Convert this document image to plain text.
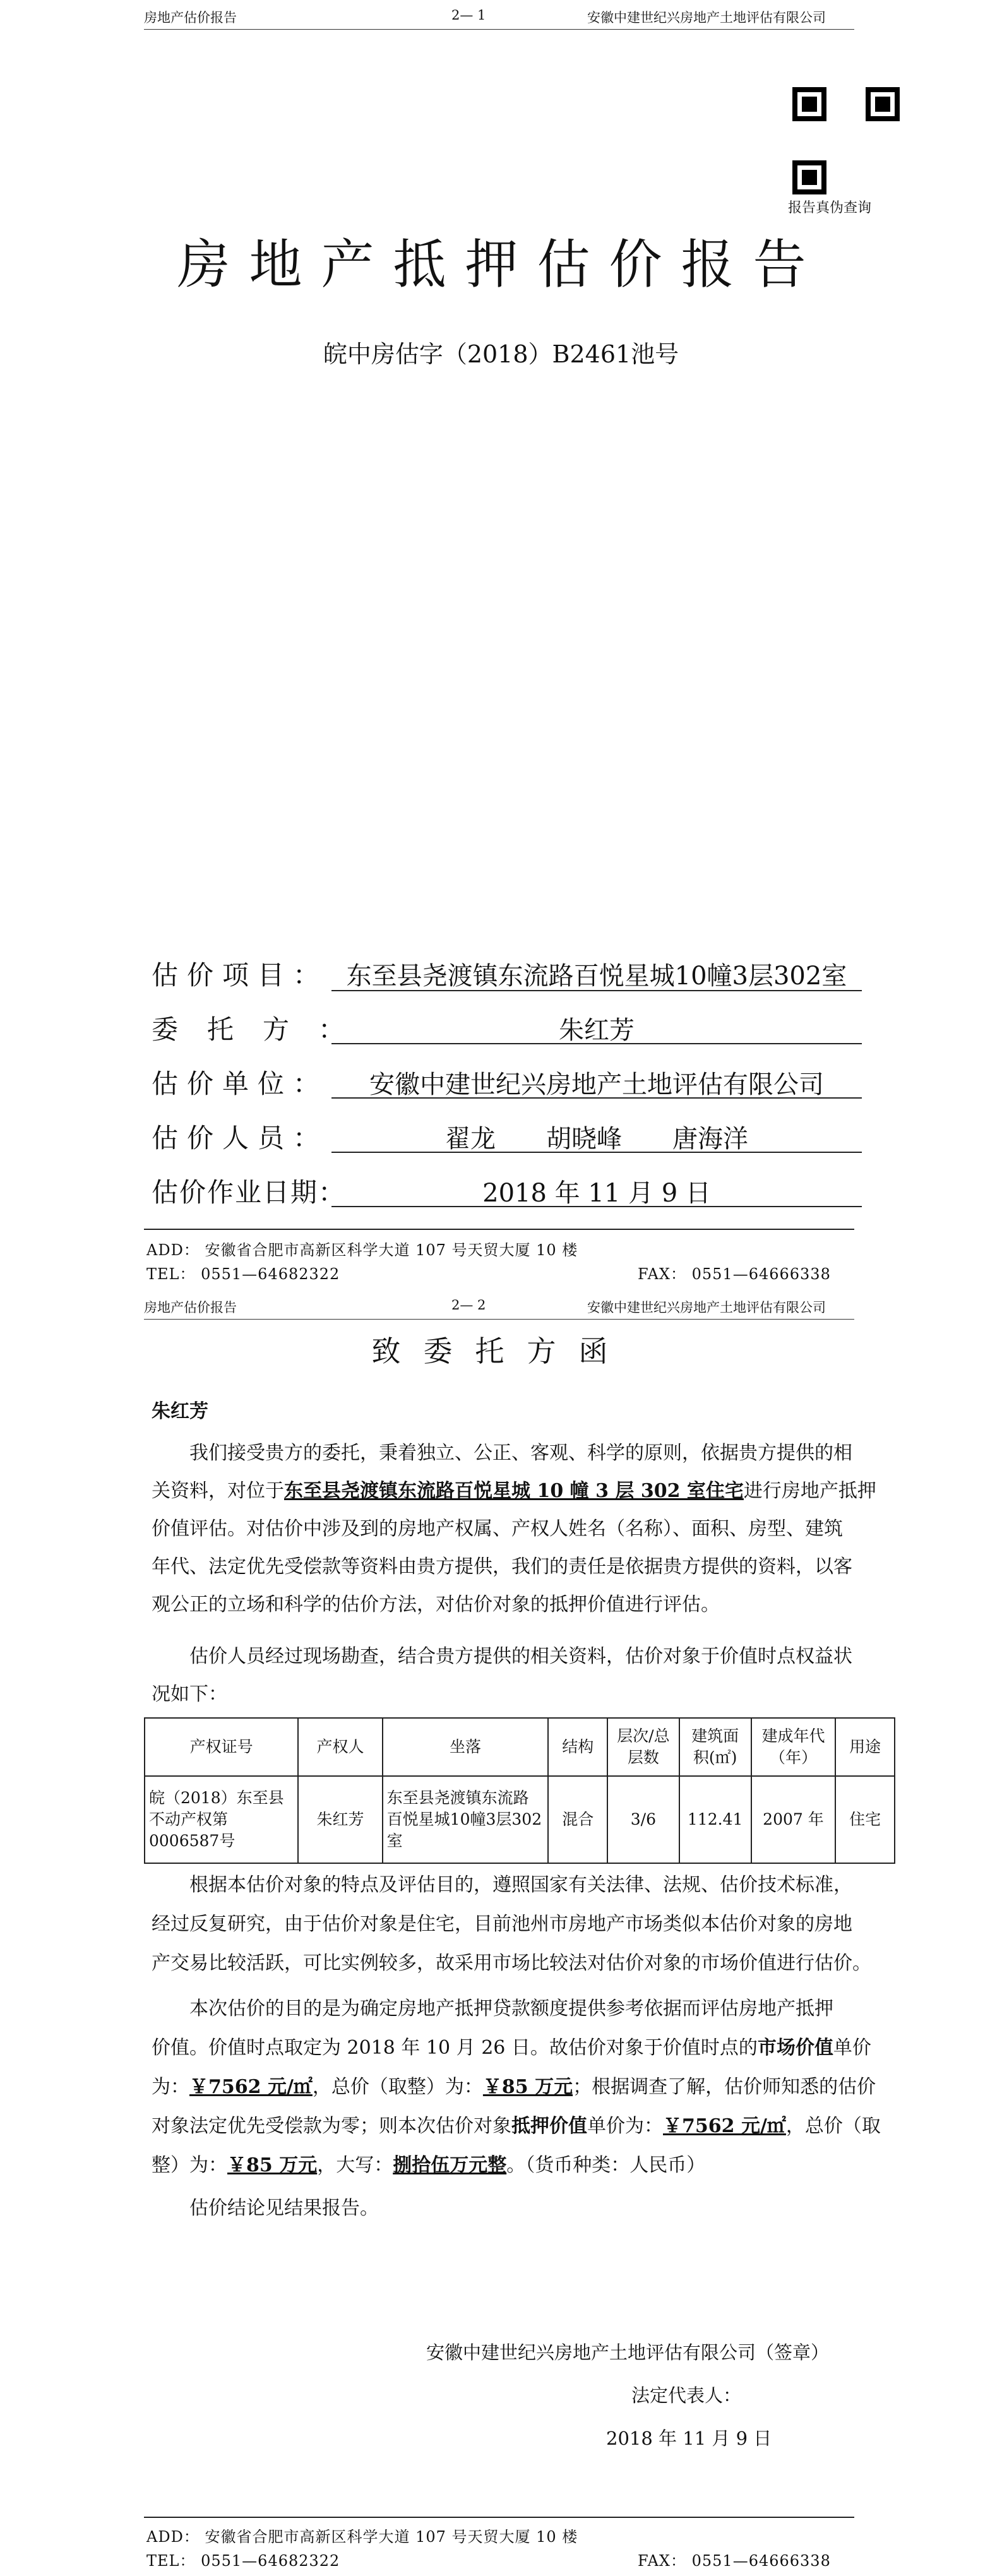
房地产估价报告	2— 1	安徽中建世纪兴房地产土地评估有限公司
报告真伪查询
房地产抵押估价报告
皖中房估字（2018）B2461池号
估价项目： 东至县尧渡镇东流路百悦星城10幢3层302室
委托方：	朱红芳
估价单位：	安徽中建世纪兴房地产土地评估有限公司
估价人员：	翟龙　　胡晓峰　　唐海洋
估价作业日期：	2018 年 11 月 9 日
ADD： 安徽省合肥市高新区科学大道 107 号天贸大厦 10 楼
TEL： 0551—64682322	FAX： 0551—64666338
房地产估价报告	2— 2	安徽中建世纪兴房地产土地评估有限公司
致委托方函
朱红芳
我们接受贵方的委托，秉着独立、公正、客观、科学的原则，依据贵方提供的相
关资料，对位于东至县尧渡镇东流路百悦星城 10 幢 3 层 302 室住宅进行房地产抵押
价值评估。对估价中涉及到的房地产权属、产权人姓名（名称）、面积、房型、建筑
年代、法定优先受偿款等资料由贵方提供，我们的责任是依据贵方提供的资料，以客
观公正的立场和科学的估价方法，对估价对象的抵押价值进行评估。
估价人员经过现场勘查，结合贵方提供的相关资料，估价对象于价值时点权益状
况如下：
产权证号	产权人	坐落	结构	层次/总层数	建筑面积(㎡)	建成年代（年）	用途
皖（2018）东至县不动产权第0006587号	朱红芳	东至县尧渡镇东流路百悦星城10幢3层302室	混合	3/6	112.41	2007 年	住宅
根据本估价对象的特点及评估目的，遵照国家有关法律、法规、估价技术标准，
经过反复研究，由于估价对象是住宅，目前池州市房地产市场类似本估价对象的房地
产交易比较活跃，可比实例较多，故采用市场比较法对估价对象的市场价值进行估价。
本次估价的目的是为确定房地产抵押贷款额度提供参考依据而评估房地产抵押
价值。价值时点取定为 2018 年 10 月 26 日。故估价对象于价值时点的市场价值单价
为：￥7562 元/㎡，总价（取整）为：￥85 万元；根据调查了解，估价师知悉的估价
对象法定优先受偿款为零；则本次估价对象抵押价值单价为：￥7562 元/㎡，总价（取
整）为：￥85 万元，大写：捌拾伍万元整。（货币种类：人民币）
估价结论见结果报告。
安徽中建世纪兴房地产土地评估有限公司（签章）
法定代表人：
2018 年 11 月 9 日
ADD： 安徽省合肥市高新区科学大道 107 号天贸大厦 10 楼
TEL： 0551—64682322	FAX： 0551—64666338
